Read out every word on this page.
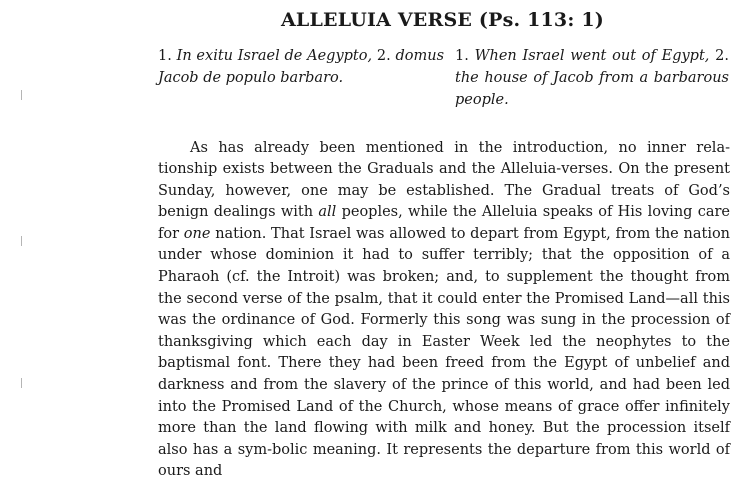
ALLELUIA VERSE (Ps. 113: 1)
1. In exitu Israel de Aegypto, 2. domus Jacob de populo barbaro.
1. When Israel went out of Egypt, 2. the house of Jacob from a barbarous people.

As has already been mentioned in the introduction, no inner rela-tionship exists between the Graduals and the Alleluia-verses. On the present Sunday, however, one may be established. The Gradual treats of God’s benign dealings with all peoples, while the Alleluia speaks of His loving care for one nation. That Israel was allowed to depart from Egypt, from the nation under whose dominion it had to suffer terribly; that the opposition of a Pharaoh (cf. the Introit) was broken; and, to supplement the thought from the second verse of the psalm, that it could enter the Promised Land—all this was the ordinance of God. Formerly this song was sung in the procession of thanksgiving which each day in Easter Week led the neophytes to the baptismal font. There they had been freed from the Egypt of unbelief and darkness and from the slavery of the prince of this world, and had been led into the Promised Land of the Church, whose means of grace offer infinitely more than the land flowing with milk and honey. But the procession itself also has a sym-bolic meaning. It represents the departure from this world of ours and
